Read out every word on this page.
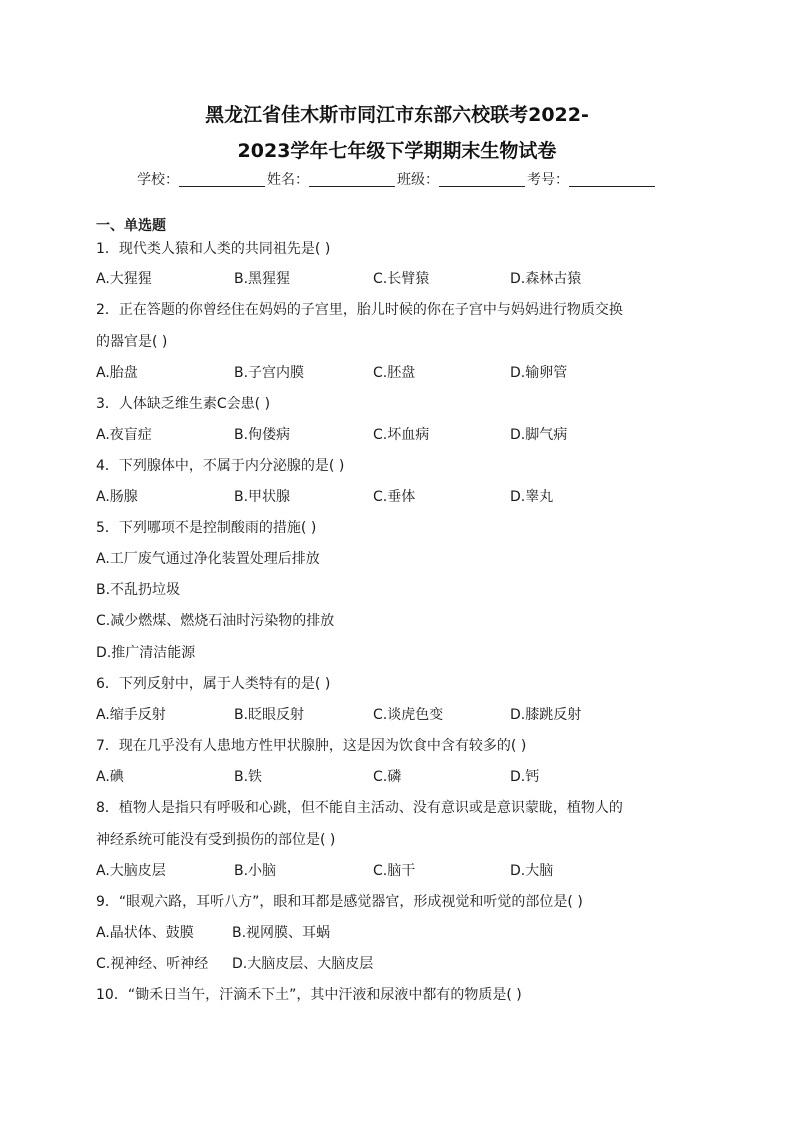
黑龙江省佳木斯市同江市东部六校联考2022-
2023学年七年级下学期期末生物试卷
学校：	姓名：	班级：	考号：
一、单选题
1．现代类人猿和人类的共同祖先是( )
A.大猩猩	B.黑猩猩	C.长臂猿	D.森林古猿
2．正在答题的你曾经住在妈妈的子宫里，胎儿时候的你在子宫中与妈妈进行物质交换
的器官是( )
A.胎盘	B.子宫内膜	C.胚盘	D.输卵管
3．人体缺乏维生素C会患( )
A.夜盲症	B.佝偻病	C.坏血病	D.脚气病
4．下列腺体中，不属于内分泌腺的是( )
A.肠腺	B.甲状腺	C.垂体	D.睾丸
5．下列哪项不是控制酸雨的措施( )
A.工厂废气通过净化装置处理后排放
B.不乱扔垃圾
C.减少燃煤、燃烧石油时污染物的排放
D.推广清洁能源
6．下列反射中，属于人类特有的是( )
A.缩手反射	B.眨眼反射	C.谈虎色变	D.膝跳反射
7．现在几乎没有人患地方性甲状腺肿，这是因为饮食中含有较多的( )
A.碘	B.铁	C.磷	D.钙
8．植物人是指只有呼吸和心跳，但不能自主活动、没有意识或是意识蒙眬，植物人的
神经系统可能没有受到损伤的部位是( )
A.大脑皮层	B.小脑	C.脑干	D.大脑
9．“眼观六路，耳听八方”，眼和耳都是感觉器官，形成视觉和听觉的部位是( )
A.晶状体、鼓膜	B.视网膜、耳蜗
C.视神经、听神经 D.大脑皮层、大脑皮层
10．“锄禾日当午，汗滴禾下土”，其中汗液和尿液中都有的物质是( )
